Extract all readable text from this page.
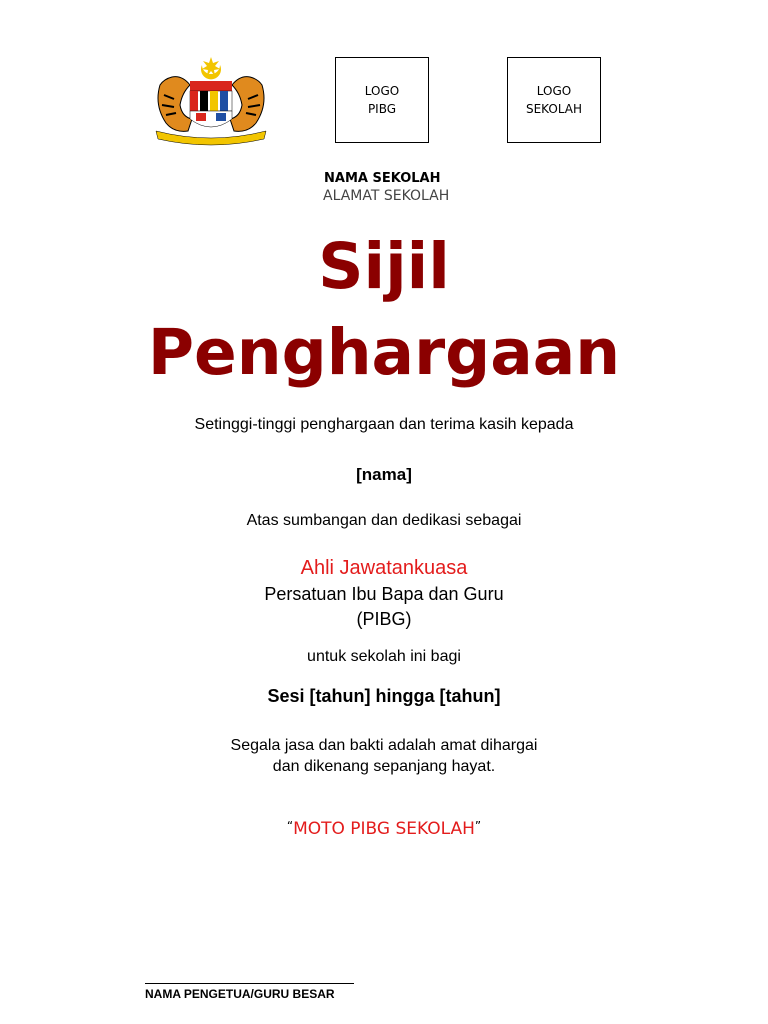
LOGO
PIBG
LOGO
SEKOLAH
NAMA SEKOLAH
ALAMAT SEKOLAH
Sijil
Penghargaan
Setinggi-tinggi penghargaan dan terima kasih kepada
[nama]
Atas sumbangan dan dedikasi sebagai
Ahli Jawatankuasa
Persatuan Ibu Bapa dan Guru
(PIBG)
untuk sekolah ini bagi
Sesi [tahun] hingga [tahun]
Segala jasa dan bakti adalah amat dihargai
dan dikenang sepanjang hayat.
“MOTO PIBG SEKOLAH”
NAMA PENGETUA/GURU BESAR
